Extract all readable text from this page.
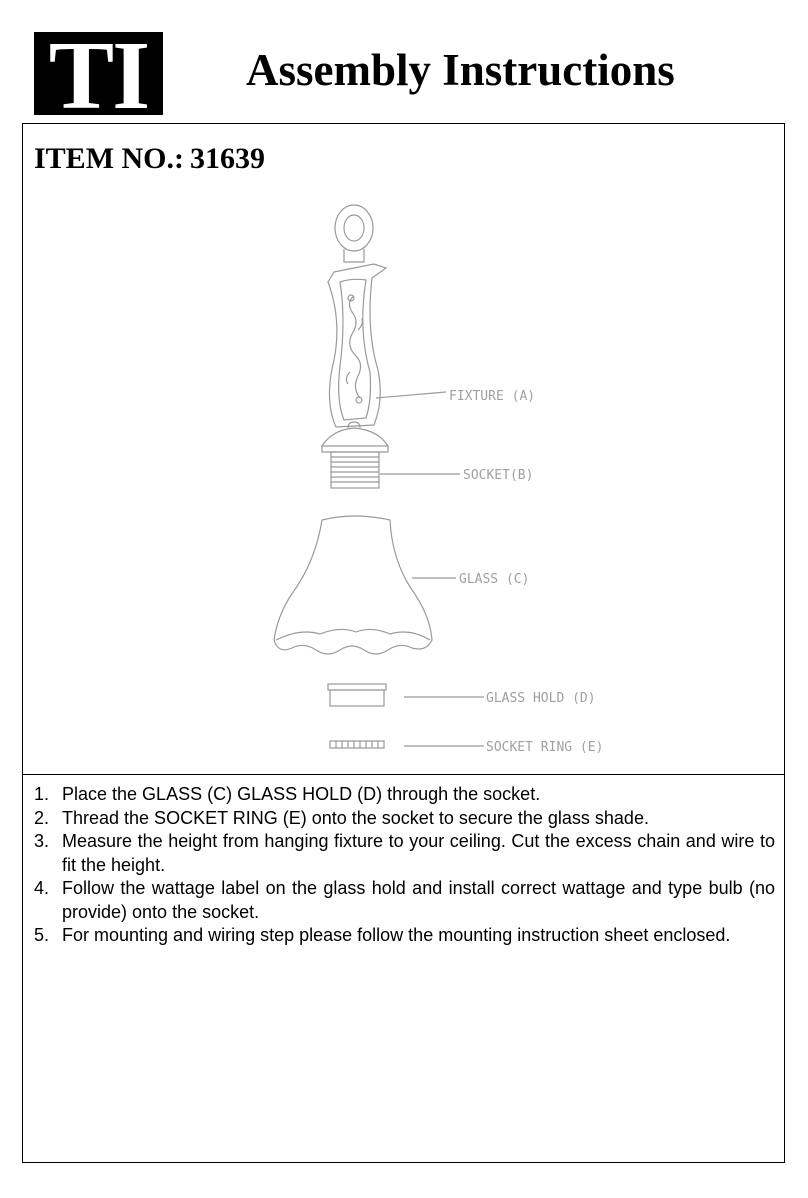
TI Assembly Instructions
ITEM NO.: 31639
FIXTURE (A)
SOCKET(B)
GLASS (C)
GLASS HOLD (D)
SOCKET RING (E)
1. Place the GLASS (C) GLASS HOLD (D) through the socket.
2. Thread the SOCKET RING (E) onto the socket to secure the glass shade.
3. Measure the height from hanging fixture to your ceiling. Cut the excess chain and wire to fit the height.
4. Follow the wattage label on the glass hold and install correct wattage and type bulb (no provide) onto the socket.
5. For mounting and wiring step please follow the mounting instruction sheet enclosed.
